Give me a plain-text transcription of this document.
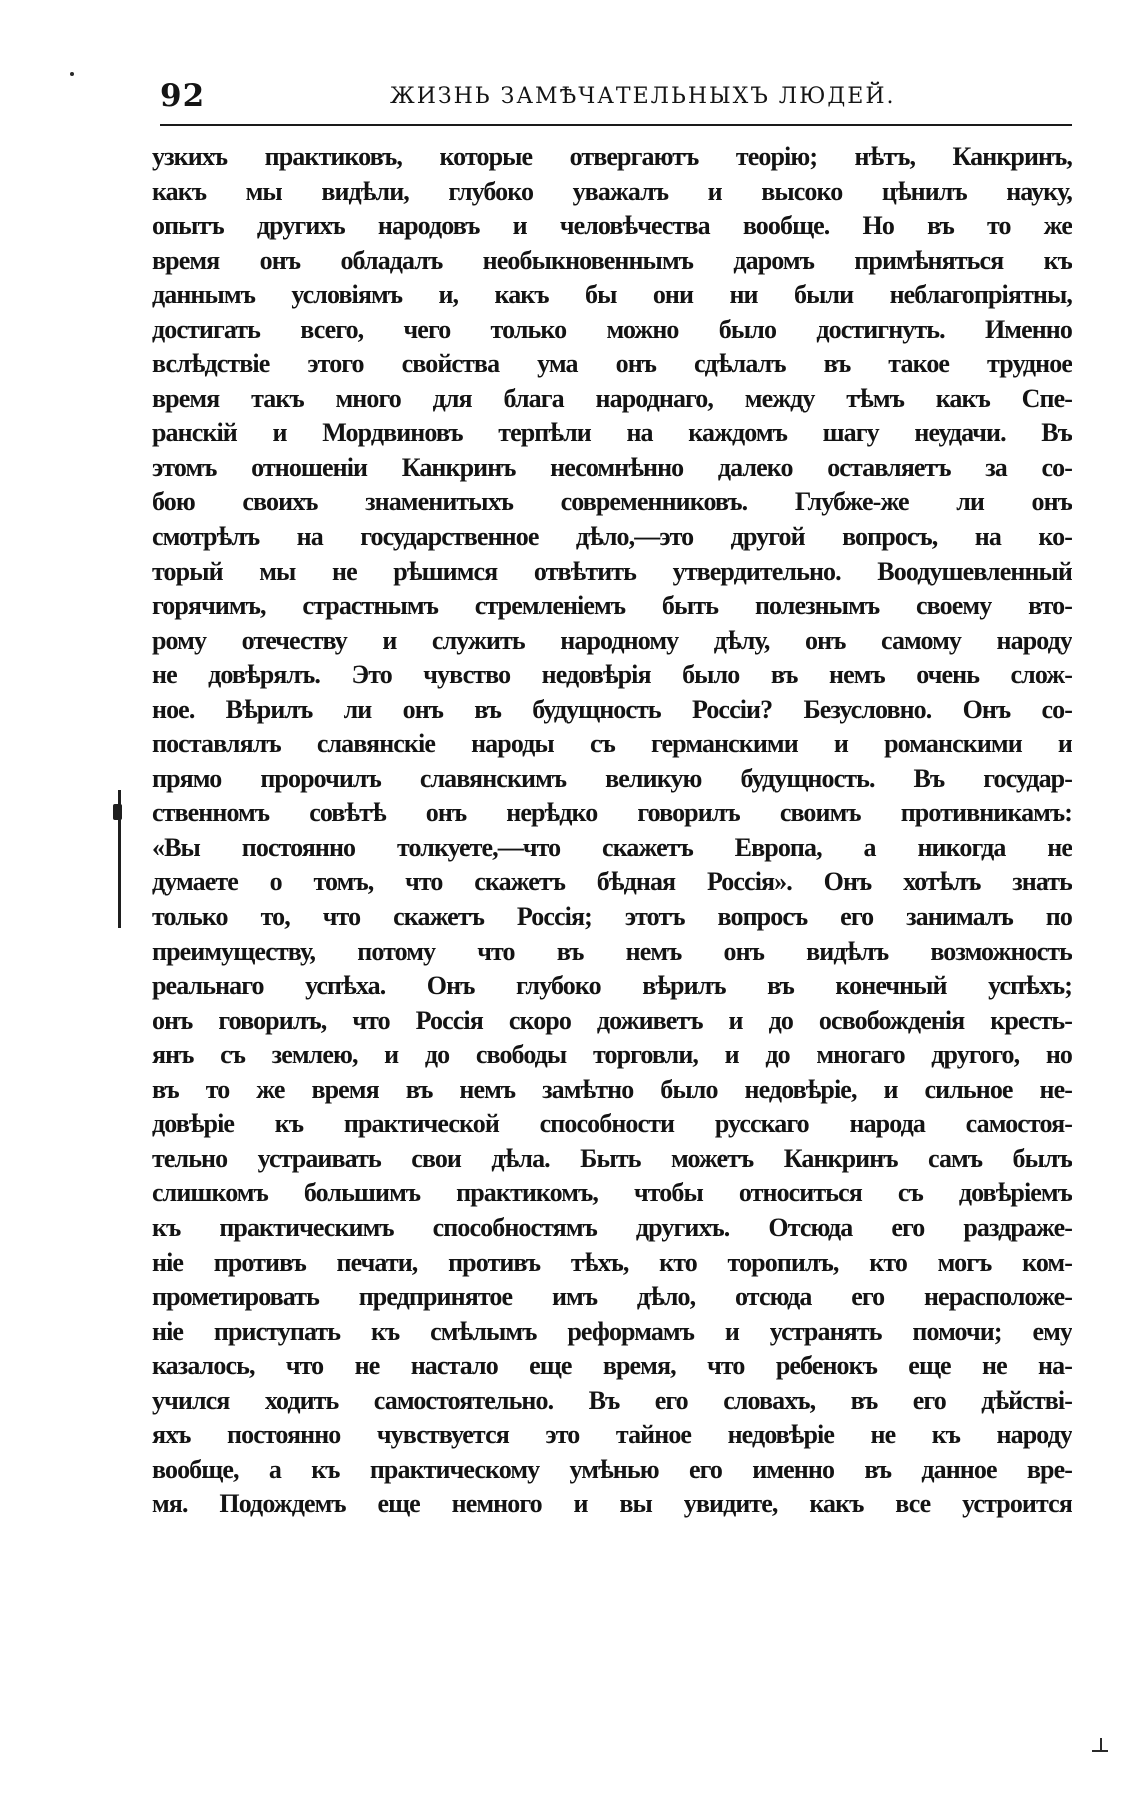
92	ЖИЗНЬ ЗАМѢЧАТЕЛЬНЫХЪ ЛЮДЕЙ.
узкихъ практиковъ, которые отвергаютъ теорію; нѣтъ, Канкринъ,
какъ мы видѣли, глубоко уважалъ и высоко цѣнилъ науку,
опытъ другихъ народовъ и человѣчества вообще. Но въ то же
время онъ обладалъ необыкновеннымъ даромъ примѣняться къ
даннымъ условіямъ и, какъ бы они ни были неблагопріятны,
достигать всего, чего только можно было достигнуть. Именно
вслѣдствіе этого свойства ума онъ сдѣлалъ въ такое трудное
время такъ много для блага народнаго, между тѣмъ какъ Спе-
ранскій и Мордвиновъ терпѣли на каждомъ шагу неудачи. Въ
этомъ отношеніи Канкринъ несомнѣнно далеко оставляетъ за со-
бою своихъ знаменитыхъ современниковъ. Глубже-же ли онъ
смотрѣлъ на государственное дѣло,—это другой вопросъ, на ко-
торый мы не рѣшимся отвѣтить утвердительно. Воодушевленный
горячимъ, страстнымъ стремленіемъ быть полезнымъ своему вто-
рому отечеству и служить народному дѣлу, онъ самому народу
не довѣрялъ. Это чувство недовѣрія было въ немъ очень слож-
ное. Вѣрилъ ли онъ въ будущность Россіи? Безусловно. Онъ со-
поставлялъ славянскіе народы съ германскими и романскими и
прямо пророчилъ славянскимъ великую будущность. Въ государ-
ственномъ совѣтѣ онъ нерѣдко говорилъ своимъ противникамъ:
«Вы постоянно толкуете,—что скажетъ Европа, а никогда не
думаете о томъ, что скажетъ бѣдная Россія». Онъ хотѣлъ знать
только то, что скажетъ Россія; этотъ вопросъ его занималъ по
преимуществу, потому что въ немъ онъ видѣлъ возможность
реальнаго успѣха. Онъ глубоко вѣрилъ въ конечный успѣхъ;
онъ говорилъ, что Россія скоро доживетъ и до освобожденія кресть-
янъ съ землею, и до свободы торговли, и до многаго другого, но
въ то же время въ немъ замѣтно было недовѣріе, и сильное не-
довѣріе къ практической способности русскаго народа самостоя-
тельно устраивать свои дѣла. Быть можетъ Канкринъ самъ былъ
слишкомъ большимъ практикомъ, чтобы относиться съ довѣріемъ
къ практическимъ способностямъ другихъ. Отсюда его раздраже-
ніе противъ печати, противъ тѣхъ, кто торопилъ, кто могъ ком-
прометировать предпринятое имъ дѣло, отсюда его нерасположе-
ніе приступать къ смѣлымъ реформамъ и устранять помочи; ему
казалось, что не настало еще время, что ребенокъ еще не на-
учился ходить самостоятельно. Въ его словахъ, въ его дѣйстві-
яхъ постоянно чувствуется это тайное недовѣріе не къ народу
вообще, а къ практическому умѣнью его именно въ данное вре-
мя. Подождемъ еще немного и вы увидите, какъ все устроится
